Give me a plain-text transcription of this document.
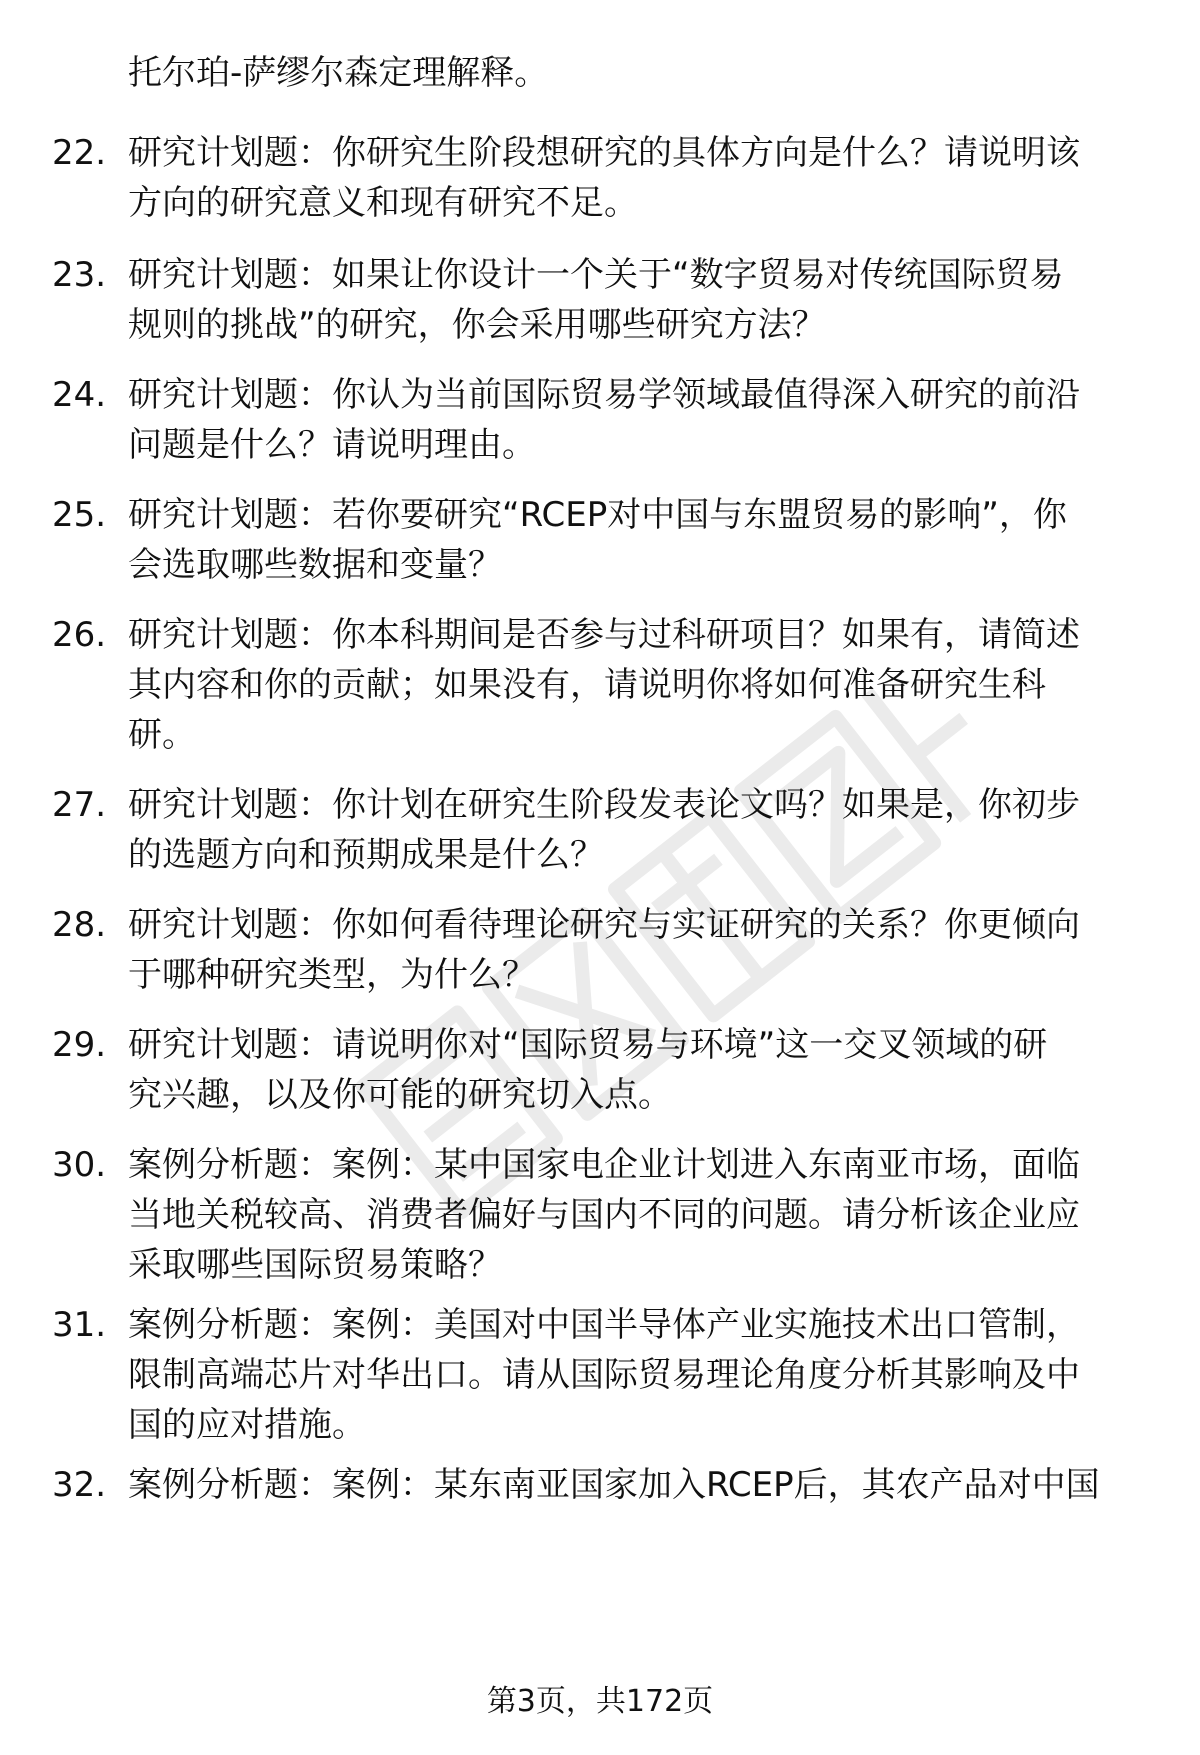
托尔珀-萨缪尔森定理解释。
22. 研究计划题：你研究生阶段想研究的具体方向是什么？请说明该
方向的研究意义和现有研究不足。
23. 研究计划题：如果让你设计一个关于“数字贸易对传统国际贸易
规则的挑战”的研究，你会采用哪些研究方法？
24. 研究计划题：你认为当前国际贸易学领域最值得深入研究的前沿
问题是什么？请说明理由。
25. 研究计划题：若你要研究“RCEP对中国与东盟贸易的影响”，你
会选取哪些数据和变量？
26. 研究计划题：你本科期间是否参与过科研项目？如果有，请简述
其内容和你的贡献；如果没有，请说明你将如何准备研究生科
研。
27. 研究计划题：你计划在研究生阶段发表论文吗？如果是，你初步
的选题方向和预期成果是什么？
28. 研究计划题：你如何看待理论研究与实证研究的关系？你更倾向
于哪种研究类型，为什么？
29. 研究计划题：请说明你对“国际贸易与环境”这一交叉领域的研
究兴趣，以及你可能的研究切入点。
30. 案例分析题：案例：某中国家电企业计划进入东南亚市场，面临
当地关税较高、消费者偏好与国内不同的问题。请分析该企业应
采取哪些国际贸易策略？
31. 案例分析题：案例：美国对中国半导体产业实施技术出口管制，
限制高端芯片对华出口。请从国际贸易理论角度分析其影响及中
国的应对措施。
32. 案例分析题：案例：某东南亚国家加入RCEP后，其农产品对中国
第3页，共172页
